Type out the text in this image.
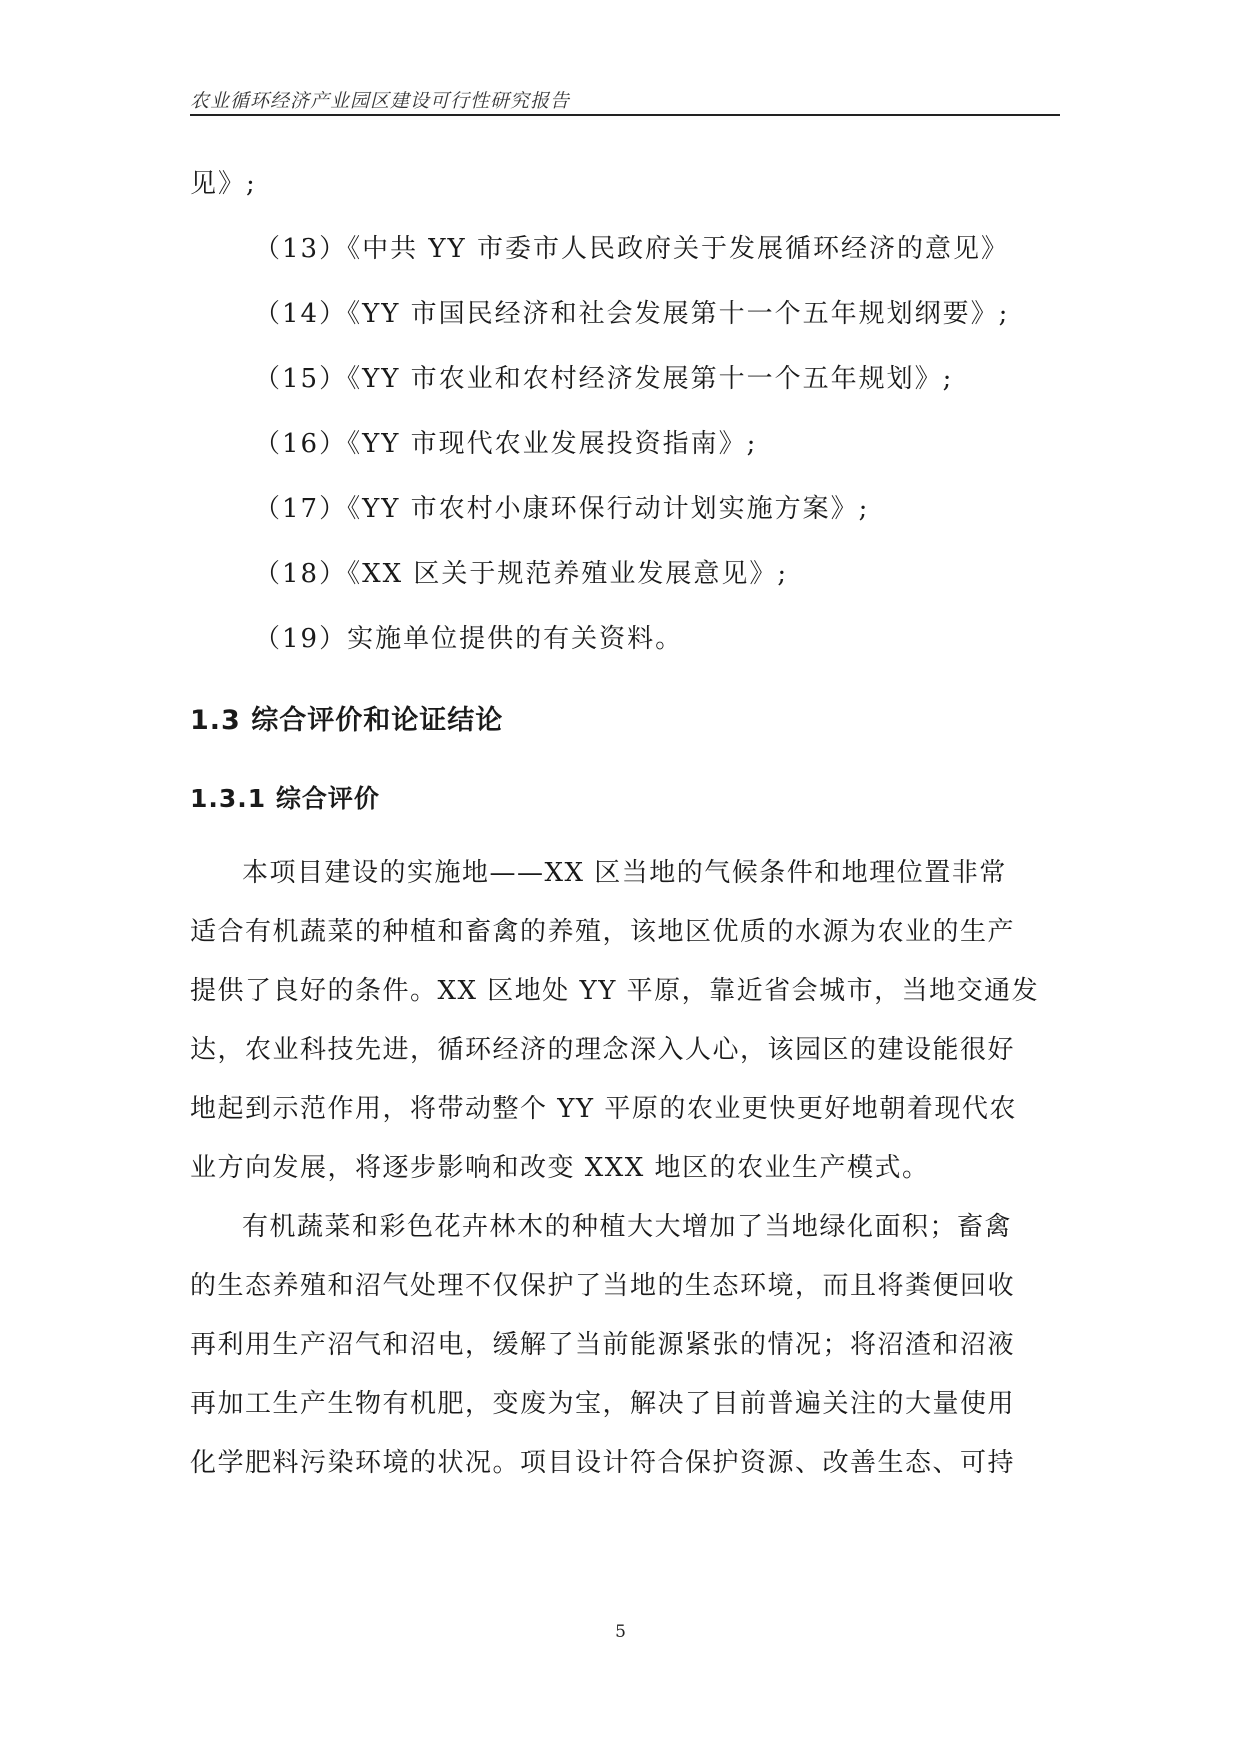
农业循环经济产业园区建设可行性研究报告
见》;
（13）《中共 YY 市委市人民政府关于发展循环经济的意见》
（14）《YY 市国民经济和社会发展第十一个五年规划纲要》;
（15）《YY 市农业和农村经济发展第十一个五年规划》;
（16）《YY 市现代农业发展投资指南》;
（17）《YY 市农村小康环保行动计划实施方案》;
（18）《XX 区关于规范养殖业发展意见》;
（19）实施单位提供的有关资料。
1.3 综合评价和论证结论
1.3.1 综合评价
本项目建设的实施地——XX 区当地的气候条件和地理位置非常
适合有机蔬菜的种植和畜禽的养殖，该地区优质的水源为农业的生产
提供了良好的条件。XX 区地处 YY 平原，靠近省会城市，当地交通发
达，农业科技先进，循环经济的理念深入人心，该园区的建设能很好
地起到示范作用，将带动整个 YY 平原的农业更快更好地朝着现代农
业方向发展，将逐步影响和改变 XXX 地区的农业生产模式。
有机蔬菜和彩色花卉林木的种植大大增加了当地绿化面积；畜禽
的生态养殖和沼气处理不仅保护了当地的生态环境，而且将粪便回收
再利用生产沼气和沼电，缓解了当前能源紧张的情况；将沼渣和沼液
再加工生产生物有机肥，变废为宝，解决了目前普遍关注的大量使用
化学肥料污染环境的状况。项目设计符合保护资源、改善生态、可持
5
